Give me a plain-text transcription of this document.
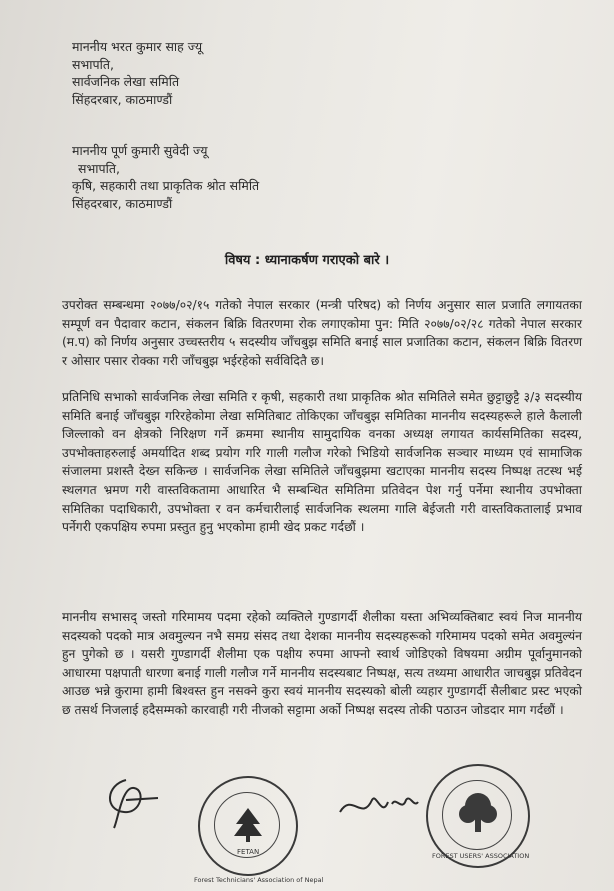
माननीय भरत कुमार साह ज्यू
सभापति,
सार्वजनिक लेखा समिति
सिंहदरबार, काठमाण्डौं
माननीय पूर्ण कुमारी सुवेदी ज्यू
सभापति,
कृषि, सहकारी तथा प्राकृतिक श्रोत समिति
सिंहदरबार, काठमाण्डौं
विषय : ध्यानाकर्षण गराएको बारे ।
उपरोक्त सम्बन्धमा २०७७/०२/१५ गतेको नेपाल सरकार (मन्त्री परिषद) को निर्णय अनुसार साल प्रजाति लगायतका सम्पूर्ण वन पैदावार कटान, संकलन बिक्रि वितरणमा रोक लगाएकोमा पुन: मिति २०७७/०२/२८ गतेको नेपाल सरकार (म.प) को निर्णय अनुसार उच्चस्तरीय ५ सदस्यीय जाँचबुझ समिति बनाई साल प्रजातिका कटान, संकलन बिक्रि वितरण र ओसार पसार रोक्का गरी जाँचबुझ भईरहेको सर्वविदितै छ।
प्रतिनिधि सभाको सार्वजनिक लेखा समिति र कृषी, सहकारी तथा प्राकृतिक श्रोत समितिले समेत छुट्टाछुट्टै ३/३ सदस्यीय समिति बनाई जाँचबुझ गरिरहेकोमा लेखा समितिबाट तोकिएका जाँचबुझ समितिका माननीय सदस्यहरूले हाले कैलाली जिल्लाको वन क्षेत्रको निरिक्षण गर्ने क्रममा स्थानीय सामुदायिक वनका अध्यक्ष लगायत कार्यसमितिका सदस्य, उपभोक्ताहरुलाई अमर्यादित शब्द प्रयोग गरि गाली गलौज गरेको भिडियो सार्वजनिक सञ्चार माध्यम एवं सामाजिक संजालमा प्रशस्तै देख्न सकिन्छ । सार्वजनिक लेखा समितिले जाँचबुझमा खटाएका माननीय सदस्य निष्पक्ष तटस्थ भई स्थलगत भ्रमण गरी वास्तविकतामा आधारित भै सम्बन्धित समितिमा प्रतिवेदन पेश गर्नु पर्नेमा स्थानीय उपभोक्ता समितिका पदाधिकारी, उपभोक्ता र वन कर्मचारीलाई सार्वजनिक स्थलमा गालि बेईजती गरी वास्तविकतालाई प्रभाव पर्नेगरी एकपक्षिय रुपमा प्रस्तुत हुनु भएकोमा हामी खेद प्रकट गर्दछौं ।
माननीय सभासद् जस्तो गरिमामय पदमा रहेको व्यक्तिले गुण्डागर्दी शैलीका यस्ता अभिव्यक्तिबाट स्वयं निज माननीय सदस्यको पदको मात्र अवमुल्यन नभै समग्र संसद तथा देशका माननीय सदस्यहरूको गरिमामय पदको समेत अवमुल्यंन हुन पुगेको छ । यसरी गुण्डागर्दी शैलीमा एक पक्षीय रुपमा आफ्नो स्वार्थ जोडिएको विषयमा अग्रीम पूर्वानुमानको आधारमा पक्षपाती धारणा बनाई गाली गलौज गर्ने माननीय सदस्यबाट निष्पक्ष, सत्य तथ्यमा आधारीत जाचबुझ प्रतिवेदन आउछ भन्ने कुरामा हामी बिश्वस्त हुन नसक्ने कुरा स्वयं माननीय सदस्यको बोली व्यहार गुण्डागर्दी सैलीबाट प्रस्ट भएको छ तसर्थ निजलाई हदैसम्मको कारवाही गरी नीजको सट्टामा अर्को निष्पक्ष सदस्य तोकी पठाउन जोडदार माग गर्दछौं ।
FETAN
Forest Technicians' Association of Nepal
FOREST USERS' ASSOCIATION
